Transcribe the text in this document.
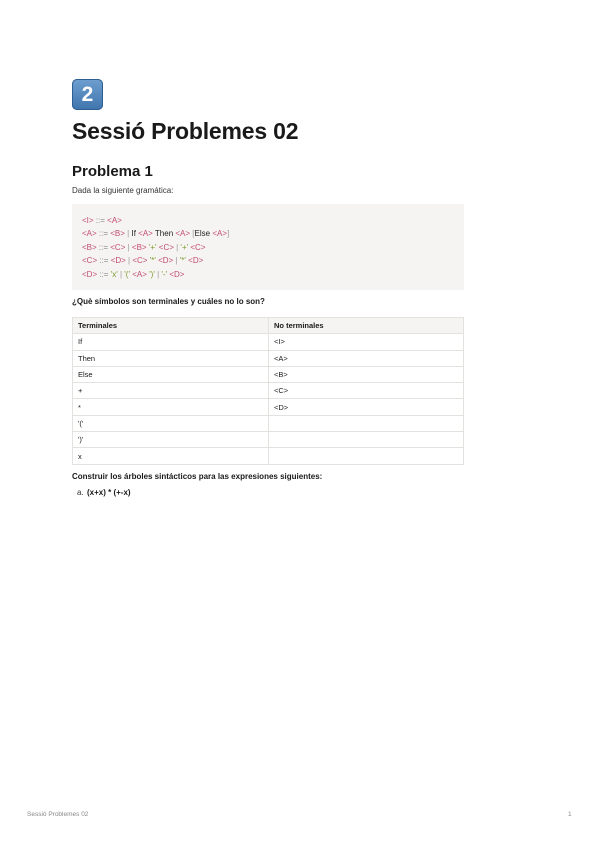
2
Sessió Problemes 02
Problema 1

Dada la siguiente gramática:

<I> ::= <A>
<A> ::= <B> | If <A> Then <A> [Else <A>]
<B> ::= <C> | <B> '+' <C> | '+' <C>
<C> ::= <D> | <C> '*' <D> | '*' <D>
<D> ::= 'x' | '(' <A> ')' | '-' <D>

¿Què símbolos son terminales y cuáles no lo son?

Terminales	No terminales
If	<I>
Then	<A>
Else	<B>
+	<C>
*	<D>
'('	
')'	
x	

Construir los árboles sintácticos para las expresiones siguientes:

a. (x+x) * (+-x)
Sessió Problemes 02	1
